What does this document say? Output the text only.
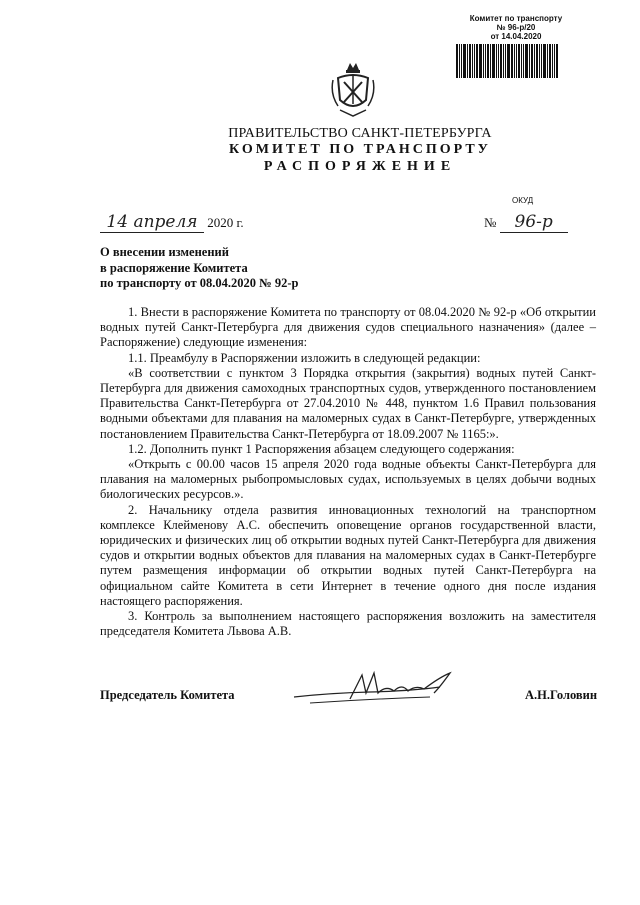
Комитет по транспорту
№ 96-р/20
от 14.04.2020
ПРАВИТЕЛЬСТВО САНКТ-ПЕТЕРБУРГА
КОМИТЕТ ПО ТРАНСПОРТУ
РАСПОРЯЖЕНИЕ
ОКУД
14 апреля 2020 г.	№ 96-р
О внесении изменений
в распоряжение Комитета
по транспорту от 08.04.2020 № 92-р

1. Внести в распоряжение Комитета по транспорту от 08.04.2020 № 92-р «Об открытии водных путей Санкт-Петербурга для движения судов специального назначения» (далее – Распоряжение) следующие изменения:

1.1. Преамбулу в Распоряжении изложить в следующей редакции:

«В соответствии с пунктом 3 Порядка открытия (закрытия) водных путей Санкт-Петербурга для движения самоходных транспортных судов, утвержденного постановлением Правительства Санкт-Петербурга от 27.04.2010 № 448, пунктом 1.6 Правил пользования водными объектами для плавания на маломерных судах в Санкт-Петербурге, утвержденных постановлением Правительства Санкт-Петербурга от 18.09.2007 № 1165:».

1.2. Дополнить пункт 1 Распоряжения абзацем следующего содержания:

«Открыть с 00.00 часов 15 апреля 2020 года водные объекты Санкт-Петербурга для плавания на маломерных рыбопромысловых судах, используемых в целях добычи водных биологических ресурсов.».

2. Начальнику отдела развития инновационных технологий на транспортном комплексе Клейменову А.С. обеспечить оповещение органов государственной власти, юридических и физических лиц об открытии водных путей Санкт-Петербурга для движения судов и открытии водных объектов для плавания на маломерных судах в Санкт-Петербурге путем размещения информации об открытии водных путей Санкт-Петербурга на официальном сайте Комитета в сети Интернет в течение одного дня после издания настоящего распоряжения.

3. Контроль за выполнением настоящего распоряжения возложить на заместителя председателя Комитета Львова А.В.

Председатель Комитета	А.Н.Головин
